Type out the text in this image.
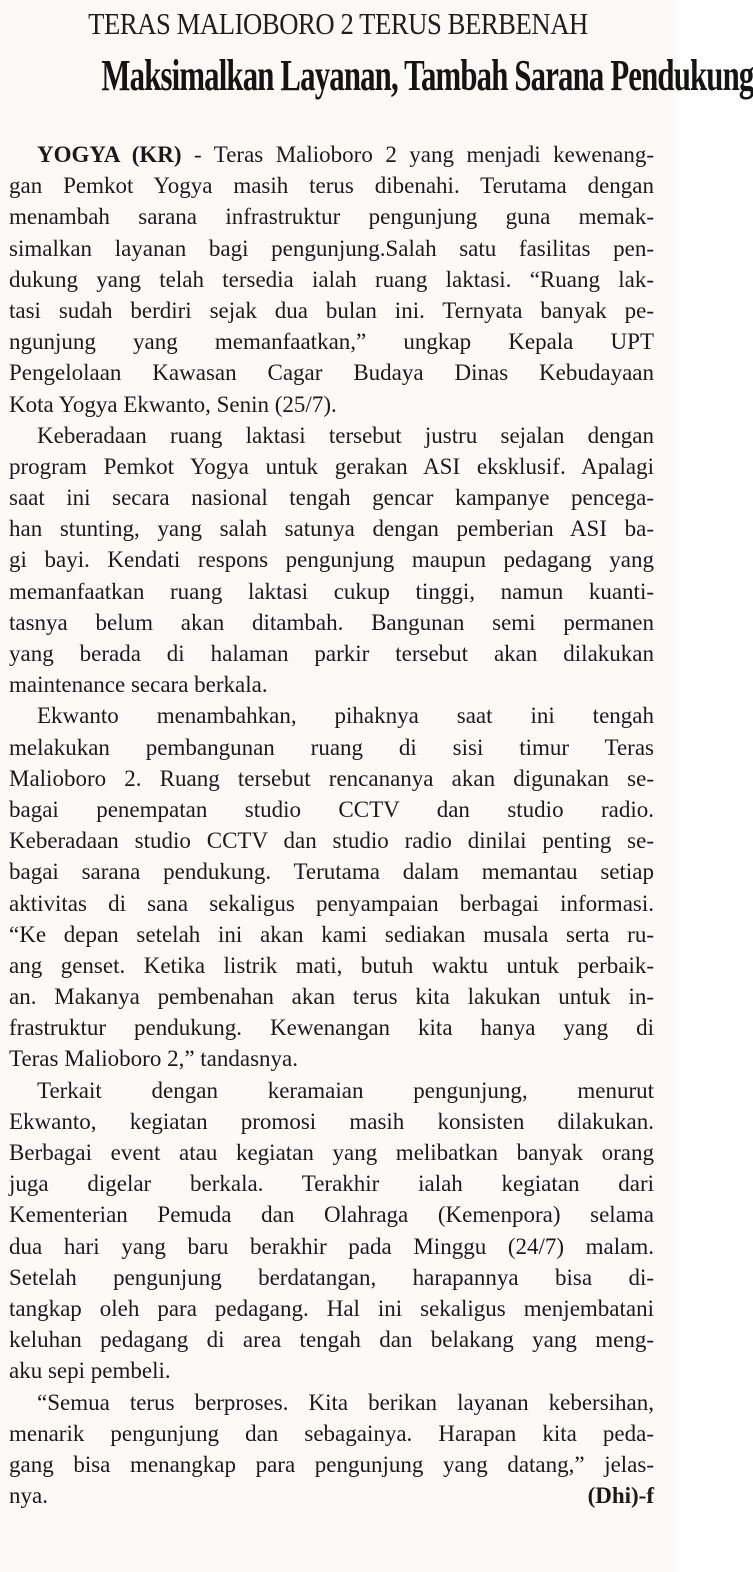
TERAS MALIOBORO 2 TERUS BERBENAH
Maksimalkan Layanan, Tambah Sarana Pendukung
YOGYA (KR) - Teras Malioboro 2 yang menjadi kewenang-
gan Pemkot Yogya masih terus dibenahi. Terutama dengan
menambah sarana infrastruktur pengunjung guna memak-
simalkan layanan bagi pengunjung.Salah satu fasilitas pen-
dukung yang telah tersedia ialah ruang laktasi. “Ruang lak-
tasi sudah berdiri sejak dua bulan ini. Ternyata banyak pe-
ngunjung yang memanfaatkan,” ungkap Kepala UPT
Pengelolaan Kawasan Cagar Budaya Dinas Kebudayaan
Kota Yogya Ekwanto, Senin (25/7).
Keberadaan ruang laktasi tersebut justru sejalan dengan
program Pemkot Yogya untuk gerakan ASI eksklusif. Apalagi
saat ini secara nasional tengah gencar kampanye pencega-
han stunting, yang salah satunya dengan pemberian ASI ba-
gi bayi. Kendati respons pengunjung maupun pedagang yang
memanfaatkan ruang laktasi cukup tinggi, namun kuanti-
tasnya belum akan ditambah. Bangunan semi permanen
yang berada di halaman parkir tersebut akan dilakukan
maintenance secara berkala.
Ekwanto menambahkan, pihaknya saat ini tengah
melakukan pembangunan ruang di sisi timur Teras
Malioboro 2. Ruang tersebut rencananya akan digunakan se-
bagai penempatan studio CCTV dan studio radio.
Keberadaan studio CCTV dan studio radio dinilai penting se-
bagai sarana pendukung. Terutama dalam memantau setiap
aktivitas di sana sekaligus penyampaian berbagai informasi.
“Ke depan setelah ini akan kami sediakan musala serta ru-
ang genset. Ketika listrik mati, butuh waktu untuk perbaik-
an. Makanya pembenahan akan terus kita lakukan untuk in-
frastruktur pendukung. Kewenangan kita hanya yang di
Teras Malioboro 2,” tandasnya.
Terkait dengan keramaian pengunjung, menurut
Ekwanto, kegiatan promosi masih konsisten dilakukan.
Berbagai event atau kegiatan yang melibatkan banyak orang
juga digelar berkala. Terakhir ialah kegiatan dari
Kementerian Pemuda dan Olahraga (Kemenpora) selama
dua hari yang baru berakhir pada Minggu (24/7) malam.
Setelah pengunjung berdatangan, harapannya bisa di-
tangkap oleh para pedagang. Hal ini sekaligus menjembatani
keluhan pedagang di area tengah dan belakang yang meng-
aku sepi pembeli.
“Semua terus berproses. Kita berikan layanan kebersihan,
menarik pengunjung dan sebagainya. Harapan kita peda-
gang bisa menangkap para pengunjung yang datang,” jelas-
nya.	(Dhi)-f
